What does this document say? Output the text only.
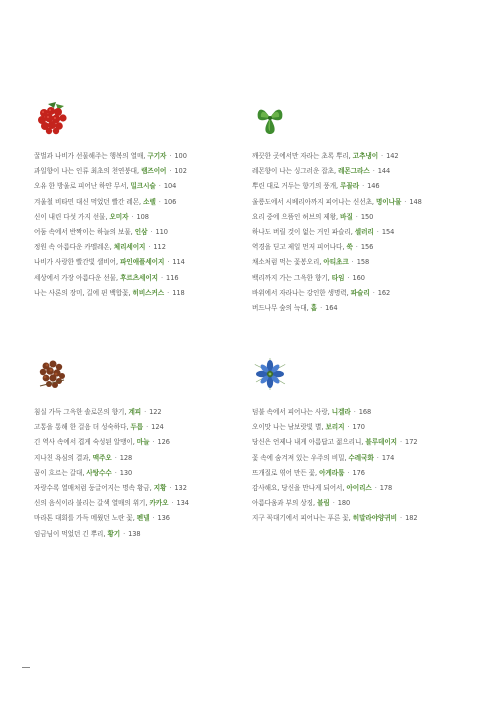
꿀벌과 나비가 선물해주는 행복의 열매, 구기자 · 100
과일향이 나는 인류 최초의 천연붕대, 램즈이어 · 102
오유 한 방울로 피어난 하얀 무서, 밀크시슬 · 104
겨울철 비타민 대신 먹었던 빨간 레몬, 소렐 · 106
신이 내린 다섯 가지 선물, 오미자 · 108
어둠 속에서 반짝이는 하늘의 보물, 인삼 · 110
정원 속 아름다운 카멜레온, 체리세이지 · 112
나비가 사랑한 빨간빛 샐비어, 파인애플세이지 · 114
세상에서 가장 아름다운 선물, 후르츠세이지 · 116
나는 사론의 장미, 길에 핀 백합꽃, 히비스커스 · 118
깨끗한 곳에서만 자라는 초록 뿌리, 고추냉이 · 142
레몬향이 나는 싱그러운 잡초, 레몬그라스 · 144
뿌린 대로 거두는 향기의 풍개, 루꼴라 · 146
울릉도에서 시베리아까지 피어나는 신선초, 명이나물 · 148
요리 중에 으뜸인 허브의 제왕, 바질 · 150
하나도 버릴 것이 없는 거인 파슬리, 셀러리 · 154
역경을 딛고 제일 먼저 피어나다, 쑥 · 156
채소처럼 먹는 꽃봉오리, 아티초크 · 158
백리까지 가는 그윽한 향기, 타임 · 160
바위에서 자라나는 강인한 생명력, 파슬리 · 162
버드나무 숲의 늑대, 홉 · 164
침실 가득 그윽한 솔로몬의 향기, 계피 · 122
고통을 통해 한 걸음 더 성숙하다, 두릅 · 124
긴 역사 속에서 겹게 숙성된 알맹이, 마늘 · 126
지나친 욕심의 결과, 맥주오 · 128
꿈이 흐르는 갈대, 사탕수수 · 130
자랑수록 열매처럼 둥글어지는 명속 황금, 지황 · 132
신의 음식이라 불리는 갈색 열매의 위기, 카카오 · 134
마라톤 대회를 가득 메웠던 노란 꽃, 펜넬 · 136
임금님이 먹었던 긴 뿌리, 황기 · 138
덤불 속에서 피어나는 사랑, 니겔라 · 168
오이맛 나는 남보랏빛 별, 보리지 · 170
당신은 언제나 내게 아름답고 젊으리니, 블루데이지 · 172
꽃 속에 숨겨져 있는 우주의 비밀, 수레국화 · 174
뜨개질로 엮어 만든 꽃, 아게라툼 · 176
감사해요, 당신을 만나게 되어서, 아이리스 · 178
아름다움과 부의 상징, 블림 · 180
지구 꼭대기에서 피어나는 푸른 꽃, 히말라야양귀비 · 182
